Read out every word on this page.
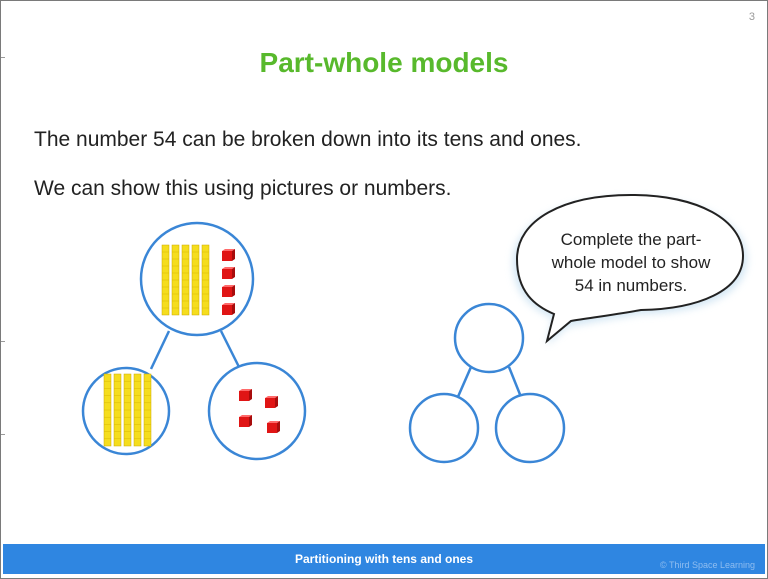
3
Part-whole models
The number 54 can be broken down into its tens and ones.
We can show this using pictures or numbers.
Complete the part-
whole model to show
54 in numbers.
Partitioning with tens and ones	© Third Space Learning
